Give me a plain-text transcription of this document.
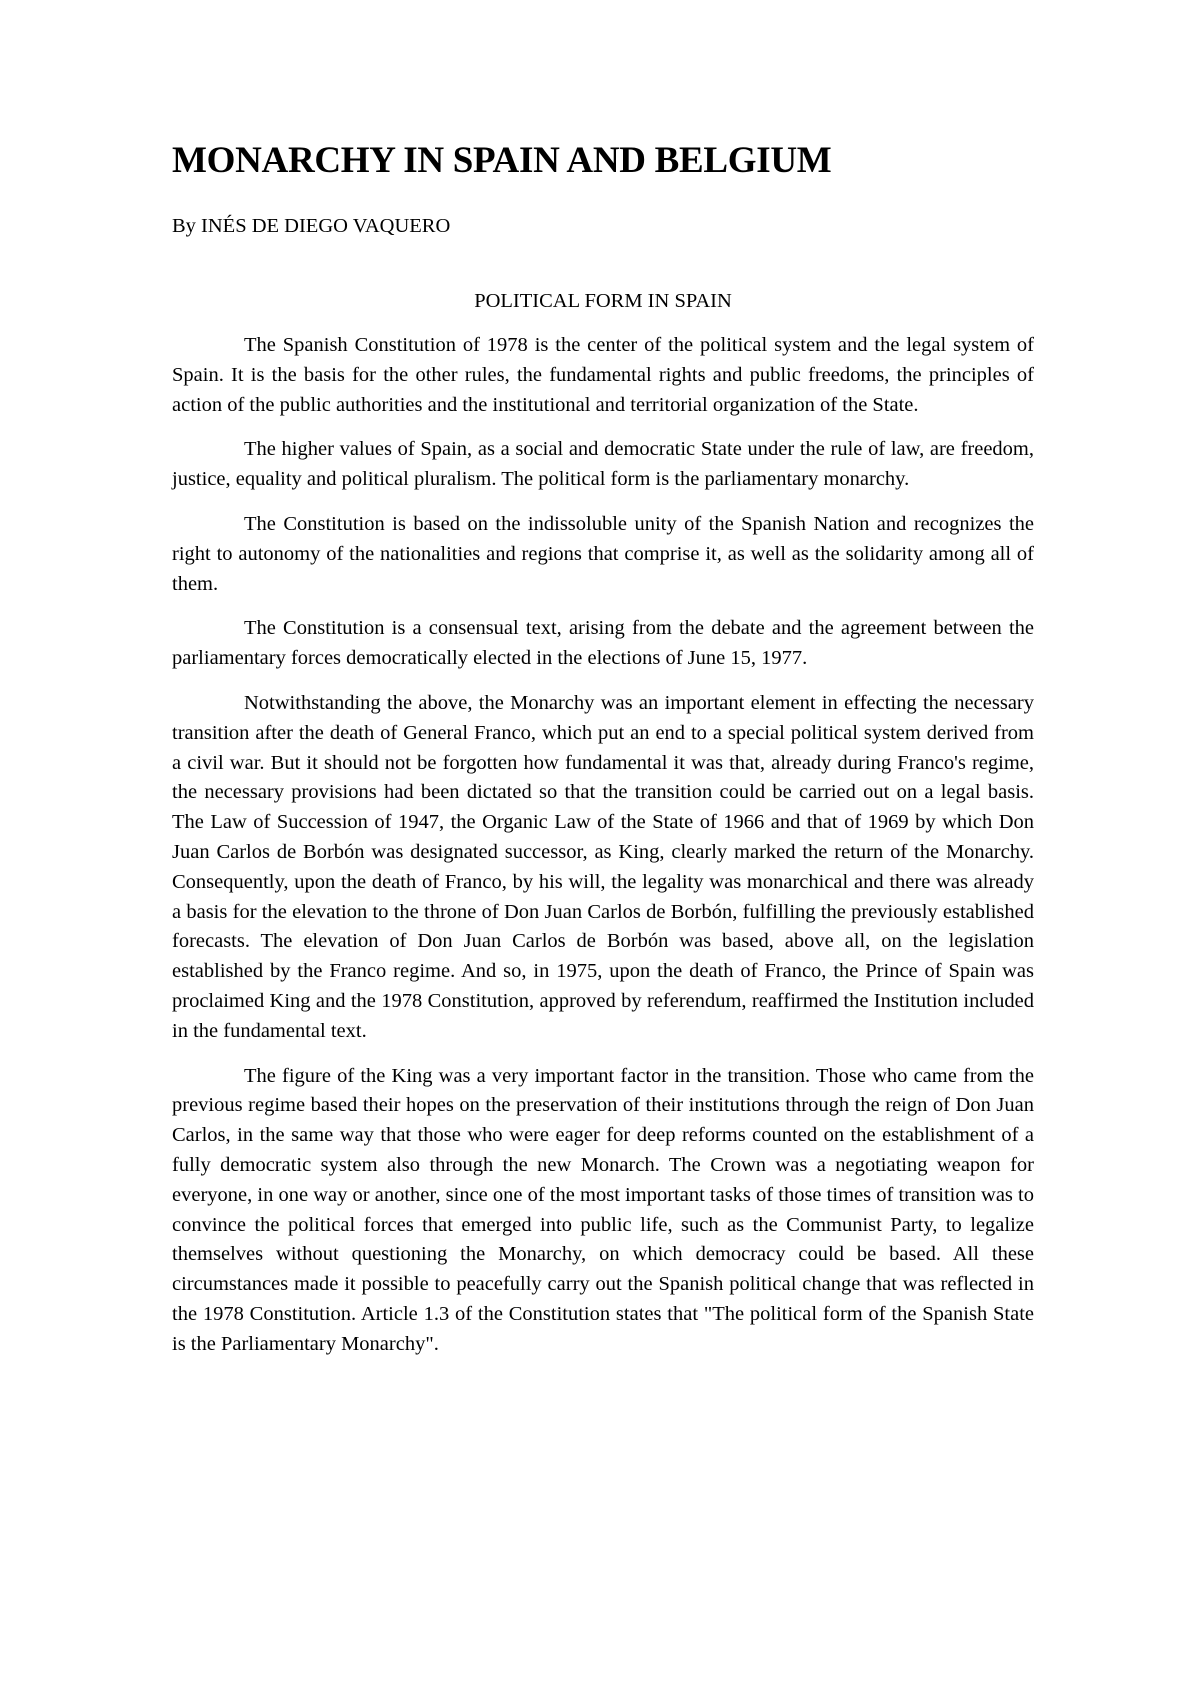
MONARCHY IN SPAIN AND BELGIUM

By INÉS DE DIEGO VAQUERO

POLITICAL FORM IN SPAIN

The Spanish Constitution of 1978 is the center of the political system and the legal system of Spain. It is the basis for the other rules, the fundamental rights and public freedoms, the principles of action of the public authorities and the institutional and territorial organization of the State.

The higher values of Spain, as a social and democratic State under the rule of law, are freedom, justice, equality and political pluralism. The political form is the parliamentary monarchy.

The Constitution is based on the indissoluble unity of the Spanish Nation and recognizes the right to autonomy of the nationalities and regions that comprise it, as well as the solidarity among all of them.

The Constitution is a consensual text, arising from the debate and the agreement between the parliamentary forces democratically elected in the elections of June 15, 1977.

Notwithstanding the above, the Monarchy was an important element in effecting the necessary transition after the death of General Franco, which put an end to a special political system derived from a civil war. But it should not be forgotten how fundamental it was that, already during Franco's regime, the necessary provisions had been dictated so that the transition could be carried out on a legal basis. The Law of Succession of 1947, the Organic Law of the State of 1966 and that of 1969 by which Don Juan Carlos de Borbón was designated successor, as King, clearly marked the return of the Monarchy. Consequently, upon the death of Franco, by his will, the legality was monarchical and there was already a basis for the elevation to the throne of Don Juan Carlos de Borbón, fulfilling the previously established forecasts. The elevation of Don Juan Carlos de Borbón was based, above all, on the legislation established by the Franco regime. And so, in 1975, upon the death of Franco, the Prince of Spain was proclaimed King and the 1978 Constitution, approved by referendum, reaffirmed the Institution included in the fundamental text.

The figure of the King was a very important factor in the transition. Those who came from the previous regime based their hopes on the preservation of their institutions through the reign of Don Juan Carlos, in the same way that those who were eager for deep reforms counted on the establishment of a fully democratic system also through the new Monarch. The Crown was a negotiating weapon for everyone, in one way or another, since one of the most important tasks of those times of transition was to convince the political forces that emerged into public life, such as the Communist Party, to legalize themselves without questioning the Monarchy, on which democracy could be based. All these circumstances made it possible to peacefully carry out the Spanish political change that was reflected in the 1978 Constitution. Article 1.3 of the Constitution states that "The political form of the Spanish State is the Parliamentary Monarchy".
